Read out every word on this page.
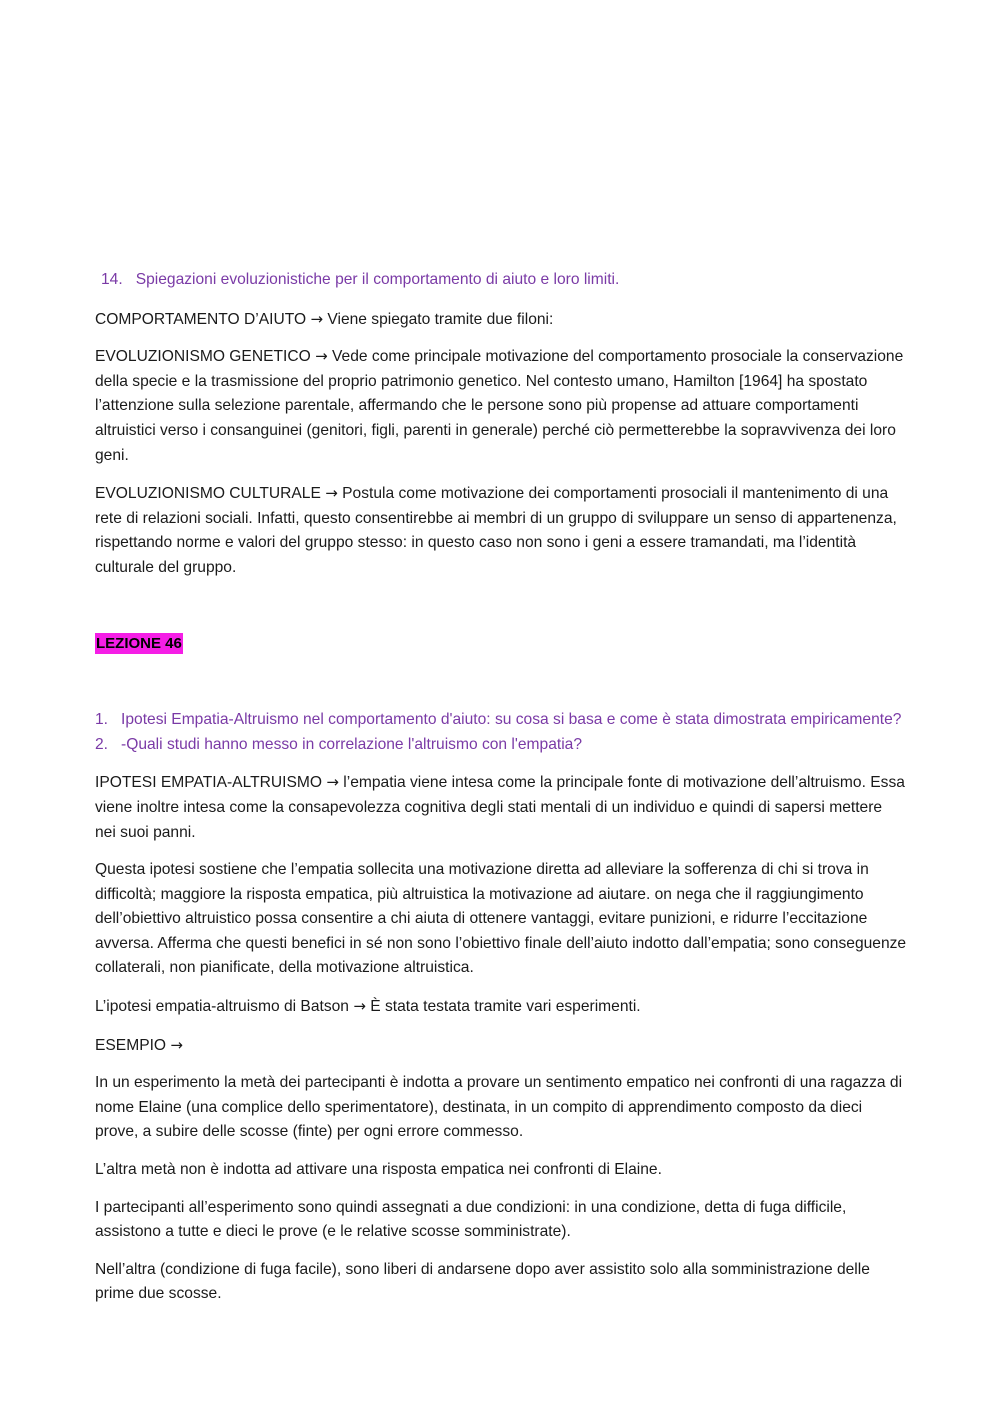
14. Spiegazioni evoluzionistiche per il comportamento di aiuto e loro limiti.

COMPORTAMENTO D’AIUTO → Viene spiegato tramite due filoni:

EVOLUZIONISMO GENETICO → Vede come principale motivazione del comportamento prosociale la conservazione della specie e la trasmissione del proprio patrimonio genetico. Nel contesto umano, Hamilton [1964] ha spostato l’attenzione sulla selezione parentale, affermando che le persone sono più propense ad attuare comportamenti altruistici verso i consanguinei (genitori, figli, parenti in generale) perché ciò permetterebbe la sopravvivenza dei loro geni.

EVOLUZIONISMO CULTURALE → Postula come motivazione dei comportamenti prosociali il mantenimento di una rete di relazioni sociali. Infatti, questo consentirebbe ai membri di un gruppo di sviluppare un senso di appartenenza, rispettando norme e valori del gruppo stesso: in questo caso non sono i geni a essere tramandati, ma l’identità culturale del gruppo.

LEZIONE 46

1. Ipotesi Empatia-Altruismo nel comportamento d'aiuto: su cosa si basa e come è stata dimostrata empiricamente? 2. -Quali studi hanno messo in correlazione l'altruismo con l'empatia?

IPOTESI EMPATIA-ALTRUISMO → l’empatia viene intesa come la principale fonte di motivazione dell’altruismo. Essa viene inoltre intesa come la consapevolezza cognitiva degli stati mentali di un individuo e quindi di sapersi mettere nei suoi panni.

Questa ipotesi sostiene che l’empatia sollecita una motivazione diretta ad alleviare la sofferenza di chi si trova in difficoltà; maggiore la risposta empatica, più altruistica la motivazione ad aiutare. on nega che il raggiungimento dell’obiettivo altruistico possa consentire a chi aiuta di ottenere vantaggi, evitare punizioni, e ridurre l’eccitazione avversa. Afferma che questi benefici in sé non sono l’obiettivo finale dell’aiuto indotto dall’empatia; sono conseguenze collaterali, non pianificate, della motivazione altruistica.

L’ipotesi empatia-altruismo di Batson → È stata testata tramite vari esperimenti.

ESEMPIO →

In un esperimento la metà dei partecipanti è indotta a provare un sentimento empatico nei confronti di una ragazza di nome Elaine (una complice dello sperimentatore), destinata, in un compito di apprendimento composto da dieci prove, a subire delle scosse (finte) per ogni errore commesso.

L’altra metà non è indotta ad attivare una risposta empatica nei confronti di Elaine.

I partecipanti all’esperimento sono quindi assegnati a due condizioni: in una condizione, detta di fuga difficile, assistono a tutte e dieci le prove (e le relative scosse somministrate).

Nell’altra (condizione di fuga facile), sono liberi di andarsene dopo aver assistito solo alla somministrazione delle prime due scosse.
